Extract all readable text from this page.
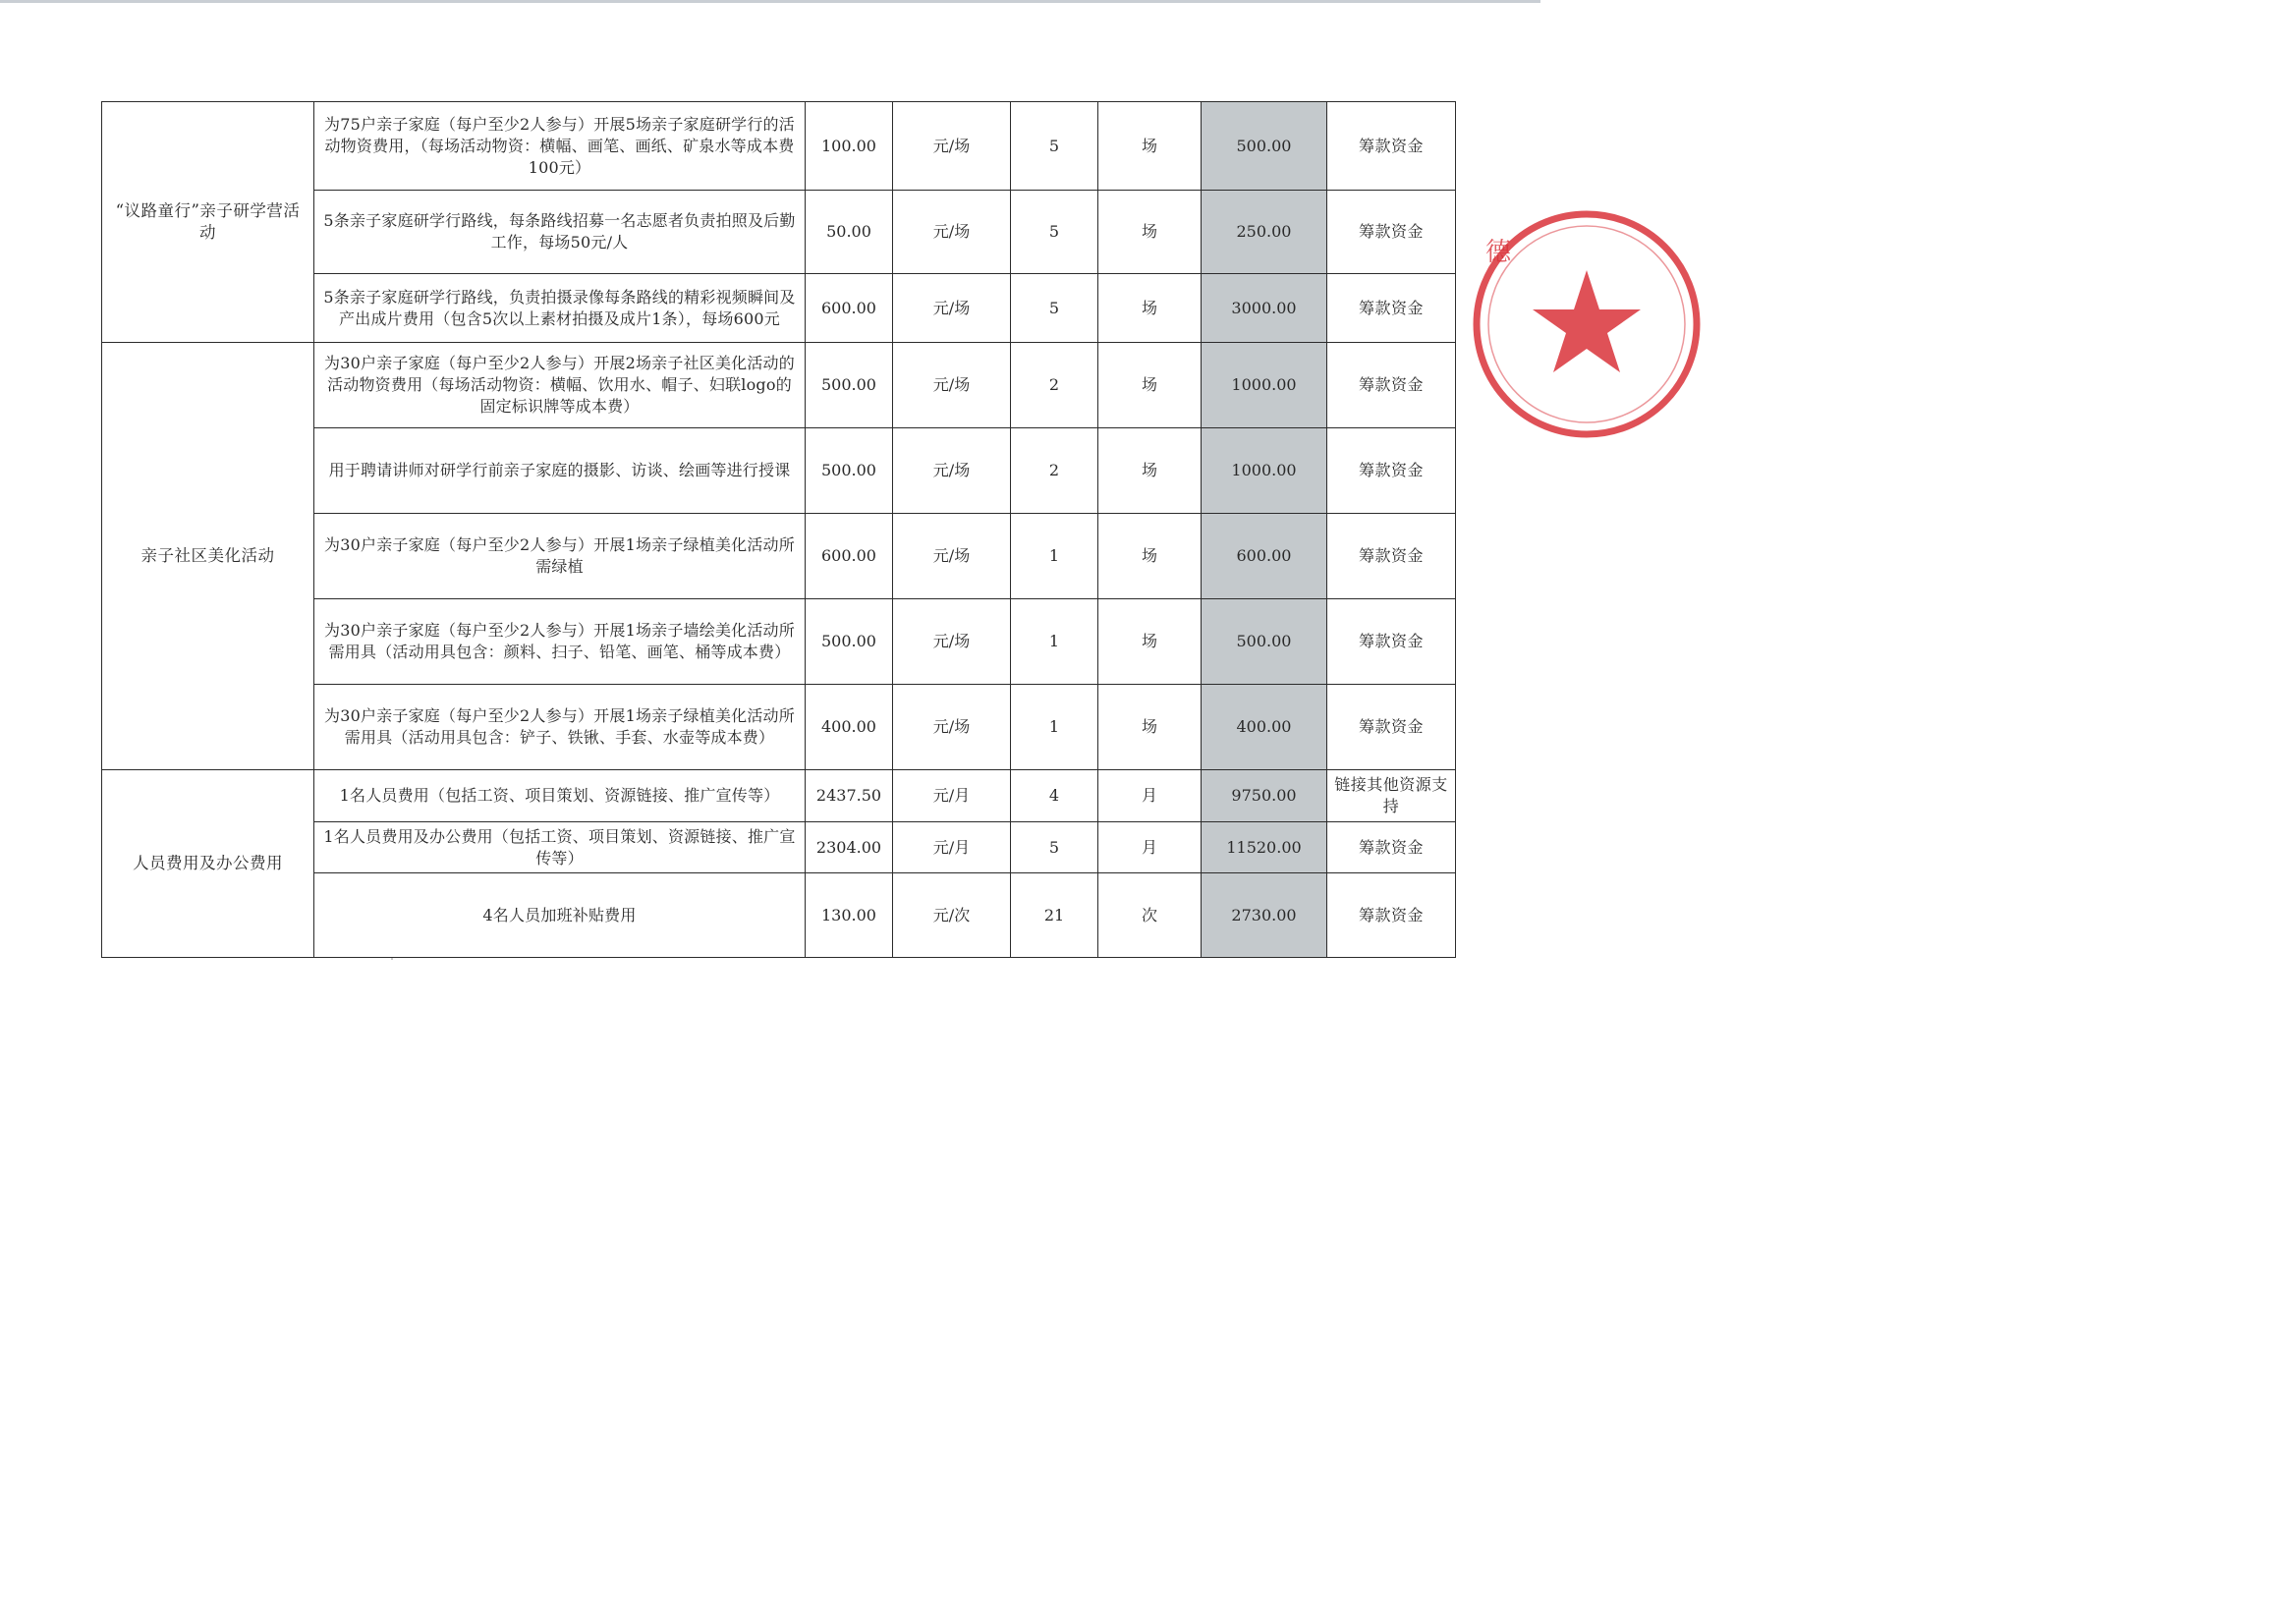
“议路童行”亲子研学营活动	为75户亲子家庭（每户至少2人参与）开展5场亲子家庭研学行的活动物资费用，（每场活动物资：横幅、画笔、画纸、矿泉水等成本费100元）	100.00	元/场	5	场	500.00	筹款资金
	5条亲子家庭研学行路线，每条路线招募一名志愿者负责拍照及后勤工作，每场50元/人	50.00	元/场	5	场	250.00	筹款资金
	5条亲子家庭研学行路线，负责拍摄录像每条路线的精彩视频瞬间及产出成片费用（包含5次以上素材拍摄及成片1条），每场600元	600.00	元/场	5	场	3000.00	筹款资金
亲子社区美化活动	为30户亲子家庭（每户至少2人参与）开展2场亲子社区美化活动的活动物资费用（每场活动物资：横幅、饮用水、帽子、妇联logo的固定标识牌等成本费）	500.00	元/场	2	场	1000.00	筹款资金
	用于聘请讲师对研学行前亲子家庭的摄影、访谈、绘画等进行授课	500.00	元/场	2	场	1000.00	筹款资金
	为30户亲子家庭（每户至少2人参与）开展1场亲子绿植美化活动所需绿植	600.00	元/场	1	场	600.00	筹款资金
	为30户亲子家庭（每户至少2人参与）开展1场亲子墙绘美化活动所需用具（活动用具包含：颜料、扫子、铅笔、画笔、桶等成本费）	500.00	元/场	1	场	500.00	筹款资金
	为30户亲子家庭（每户至少2人参与）开展1场亲子绿植美化活动所需用具（活动用具包含：铲子、铁锹、手套、水壶等成本费）	400.00	元/场	1	场	400.00	筹款资金
人员费用及办公费用	1名人员费用（包括工资、项目策划、资源链接、推广宣传等）	2437.50	元/月	4	月	9750.00	链接其他资源支持
	1名人员费用及办公费用（包括工资、项目策划、资源链接、推广宣传等）	2304.00	元/月	5	月	11520.00	筹款资金
	4名人员加班补贴费用	130.00	元/次	21	次	2730.00	筹款资金
德
